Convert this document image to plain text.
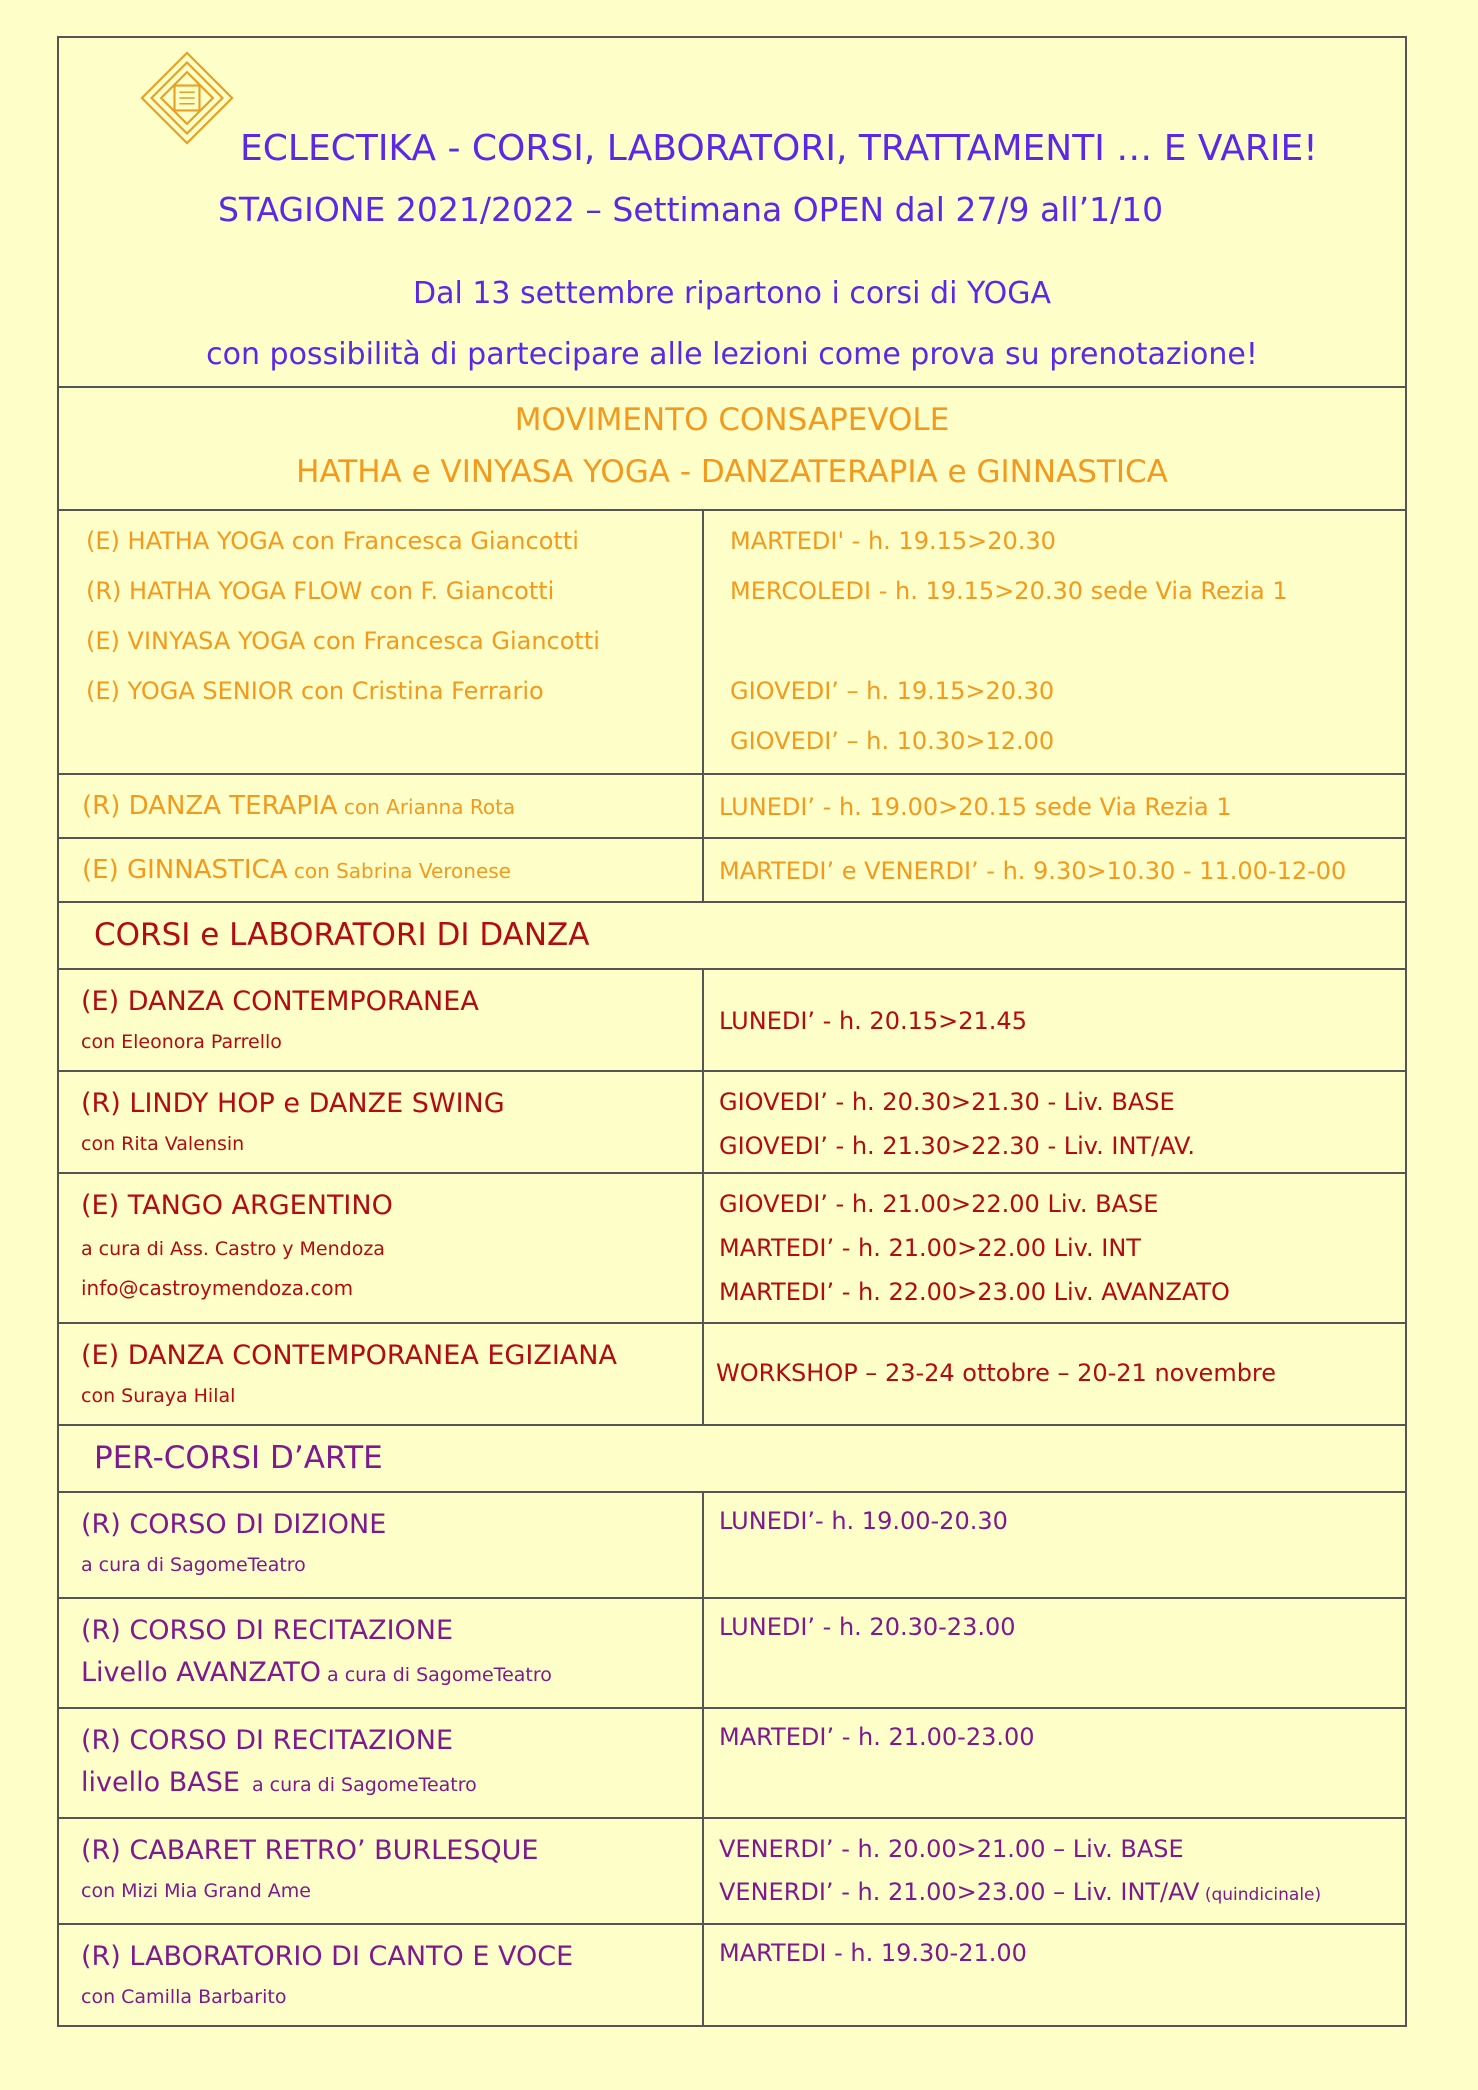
ECLECTIKA - CORSI, LABORATORI, TRATTAMENTI … E VARIE!
STAGIONE 2021/2022 – Settimana OPEN dal 27/9 all’1/10
Dal 13 settembre ripartono i corsi di YOGA
con possibilità di partecipare alle lezioni come prova su prenotazione!
MOVIMENTO CONSAPEVOLE
HATHA e VINYASA YOGA - DANZATERAPIA e GINNASTICA
(E) HATHA YOGA con Francesca Giancotti
(R) HATHA YOGA FLOW con F. Giancotti
(E) VINYASA YOGA con Francesca Giancotti
(E) YOGA SENIOR con Cristina Ferrario
MARTEDI' - h. 19.15>20.30
MERCOLEDI - h. 19.15>20.30 sede Via Rezia 1
GIOVEDI’ – h. 19.15>20.30
GIOVEDI’ – h. 10.30>12.00
(R) DANZA TERAPIA con Arianna Rota	LUNEDI’ - h. 19.00>20.15 sede Via Rezia 1
(E) GINNASTICA con Sabrina Veronese	MARTEDI’ e VENERDI’ - h. 9.30>10.30 - 11.00-12-00
CORSI e LABORATORI DI DANZA
(E) DANZA CONTEMPORANEA
con Eleonora Parrello
LUNEDI’ - h. 20.15>21.45
(R) LINDY HOP e DANZE SWING
con Rita Valensin
GIOVEDI’ - h. 20.30>21.30 - Liv. BASE
GIOVEDI’ - h. 21.30>22.30 - Liv. INT/AV.
(E) TANGO ARGENTINO
a cura di Ass. Castro y Mendoza
info@castroymendoza.com
GIOVEDI’ - h. 21.00>22.00 Liv. BASE
MARTEDI’ - h. 21.00>22.00 Liv. INT
MARTEDI’ - h. 22.00>23.00 Liv. AVANZATO
(E) DANZA CONTEMPORANEA EGIZIANA
con Suraya Hilal
WORKSHOP – 23-24 ottobre – 20-21 novembre
PER-CORSI D’ARTE
(R) CORSO DI DIZIONE
a cura di SagomeTeatro
LUNEDI’- h. 19.00-20.30
(R) CORSO DI RECITAZIONE
Livello AVANZATO a cura di SagomeTeatro
LUNEDI’ - h. 20.30-23.00
(R) CORSO DI RECITAZIONE
livello BASE  a cura di SagomeTeatro
MARTEDI’ - h. 21.00-23.00
(R) CABARET RETRO’ BURLESQUE
con Mizi Mia Grand Ame
VENERDI’ - h. 20.00>21.00 – Liv. BASE
VENERDI’ - h. 21.00>23.00 – Liv. INT/AV (quindicinale)
(R) LABORATORIO DI CANTO E VOCE
con Camilla Barbarito
MARTEDI - h. 19.30-21.00
